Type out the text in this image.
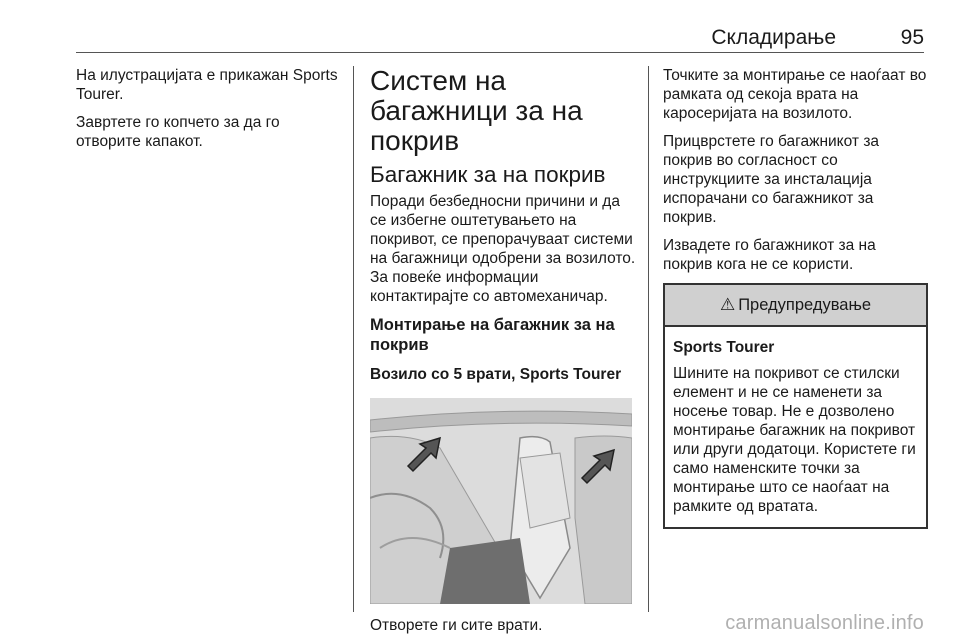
Складирање	95

На илустрацијата е прикажан Sports Tourer.

Завртете го копчето за да го отворите капакот.

Систем на багажници за на покрив
Багажник за на покрив

Поради безбедносни причини и да се избегне оштетувањето на покривот, се препорачуваат системи на багажници одобрени за возилото. За повеќе информации контактирајте со автомеханичар.

Монтирање на багажник за на покрив
Возило со 5 врати, Sports Tourer

Отворете ги сите врати.

Точките за монтирање се наоѓаат во рамката од секоја врата на каросеријата на возилото.

Прицврстете го багажникот за покрив во согласност со инструкциите за инсталација испорачани со багажникот за покрив.

Извадете го багажникот за на покрив кога не се користи.

⚠ Предупредување
Sports Tourer

Шините на покривот се стилски елемент и не се наменети за носење товар. Не е дозволено монтирање багажник на покривот или други додатоци. Користете ги само наменските точки за монтирање што се наоѓаат на рамките од вратата.

carmanualsonline.info
